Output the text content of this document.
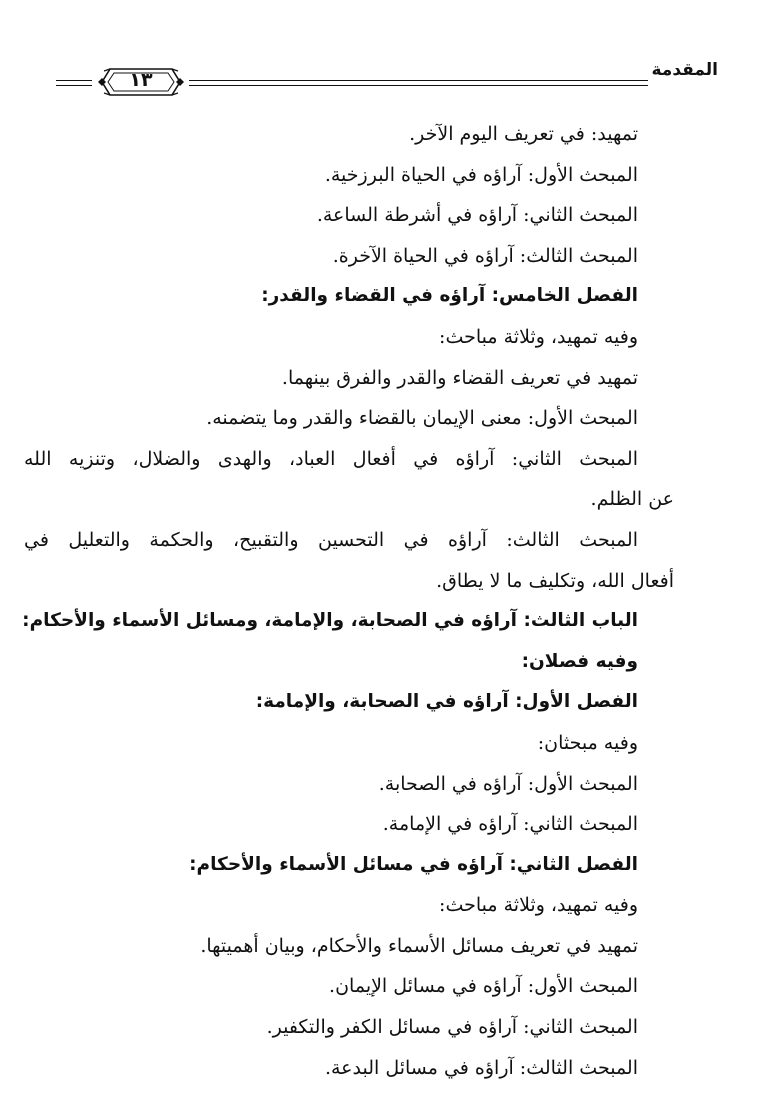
المقدمة
١٣
تمهيد: في تعريف اليوم الآخر.
المبحث الأول: آراؤه في الحياة البرزخية.
المبحث الثاني: آراؤه في أشرطة الساعة.
المبحث الثالث: آراؤه في الحياة الآخرة.
الفصل الخامس: آراؤه في القضاء والقدر:
وفيه تمهيد، وثلاثة مباحث:
تمهيد في تعريف القضاء والقدر والفرق بينهما.
المبحث الأول: معنى الإيمان بالقضاء والقدر وما يتضمنه.
المبحث الثاني: آراؤه في أفعال العباد، والهدى والضلال، وتنزيه الله
عن الظلم.
المبحث الثالث: آراؤه في التحسين والتقبيح، والحكمة والتعليل في
أفعال الله، وتكليف ما لا يطاق.
الباب الثالث: آراؤه في الصحابة، والإمامة، ومسائل الأسماء والأحكام:
وفيه فصلان:
الفصل الأول: آراؤه في الصحابة، والإمامة:
وفيه مبحثان:
المبحث الأول: آراؤه في الصحابة.
المبحث الثاني: آراؤه في الإمامة.
الفصل الثاني: آراؤه في مسائل الأسماء والأحكام:
وفيه تمهيد، وثلاثة مباحث:
تمهيد في تعريف مسائل الأسماء والأحكام، وبيان أهميتها.
المبحث الأول: آراؤه في مسائل الإيمان.
المبحث الثاني: آراؤه في مسائل الكفر والتكفير.
المبحث الثالث: آراؤه في مسائل البدعة.
